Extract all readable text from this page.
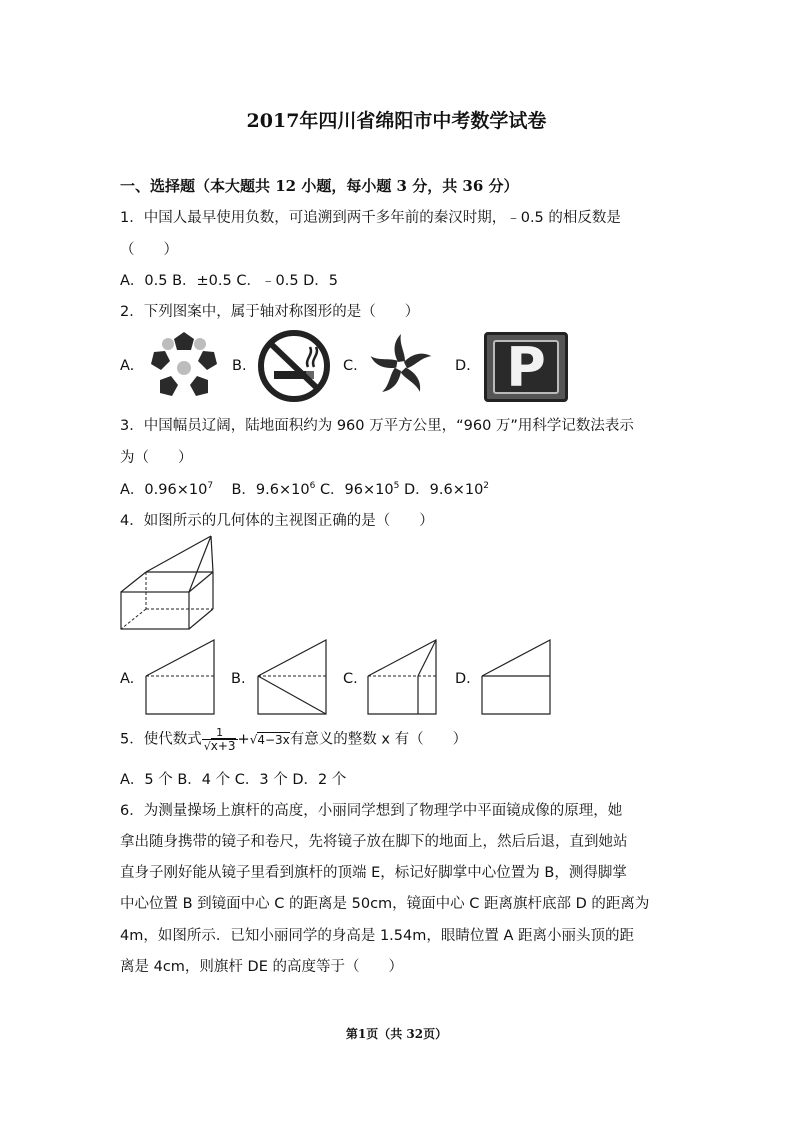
2017年四川省绵阳市中考数学试卷
一、选择题（本大题共 12 小题，每小题 3 分，共 36 分）
1．中国人最早使用负数，可追溯到两千多年前的秦汉时期，﹣0.5 的相反数是
（　　）
A．0.5 B．±0.5 C．﹣0.5 D．5
2．下列图案中，属于轴对称图形的是（　　）
A.	B.	C.	D. P
3．中国幅员辽阔，陆地面积约为 960 万平方公里，“960 万”用科学记数法表示
为（　　）
A．$0.96\times 10^7$ B．$9.6\times 10^6$ C．$96\times 10^5$ D．$9.6\times 10^2$
4．如图所示的几何体的主视图正确的是（　　）
A.	B.	C.	D.
5．使代数式 $\frac{1}{√x+3} +√4-3x$有意义的整数 x 有（　　）
A．5 个 B．4 个 C．3 个 D．2 个
6．为测量操场上旗杆的高度，小丽同学想到了物理学中平面镜成像的原理，她
拿出随身携带的镜子和卷尺，先将镜子放在脚下的地面上，然后后退，直到她站
直身子刚好能从镜子里看到旗杆的顶端 E，标记好脚掌中心位置为 B，测得脚掌
中心位置 B 到镜面中心 C 的距离是 50cm，镜面中心 C 距离旗杆底部 D 的距离为
4m，如图所示．已知小丽同学的身高是 1.54m，眼睛位置 A 距离小丽头顶的距
离是 4cm，则旗杆 DE 的高度等于（　　）
第1页（共 32页）
